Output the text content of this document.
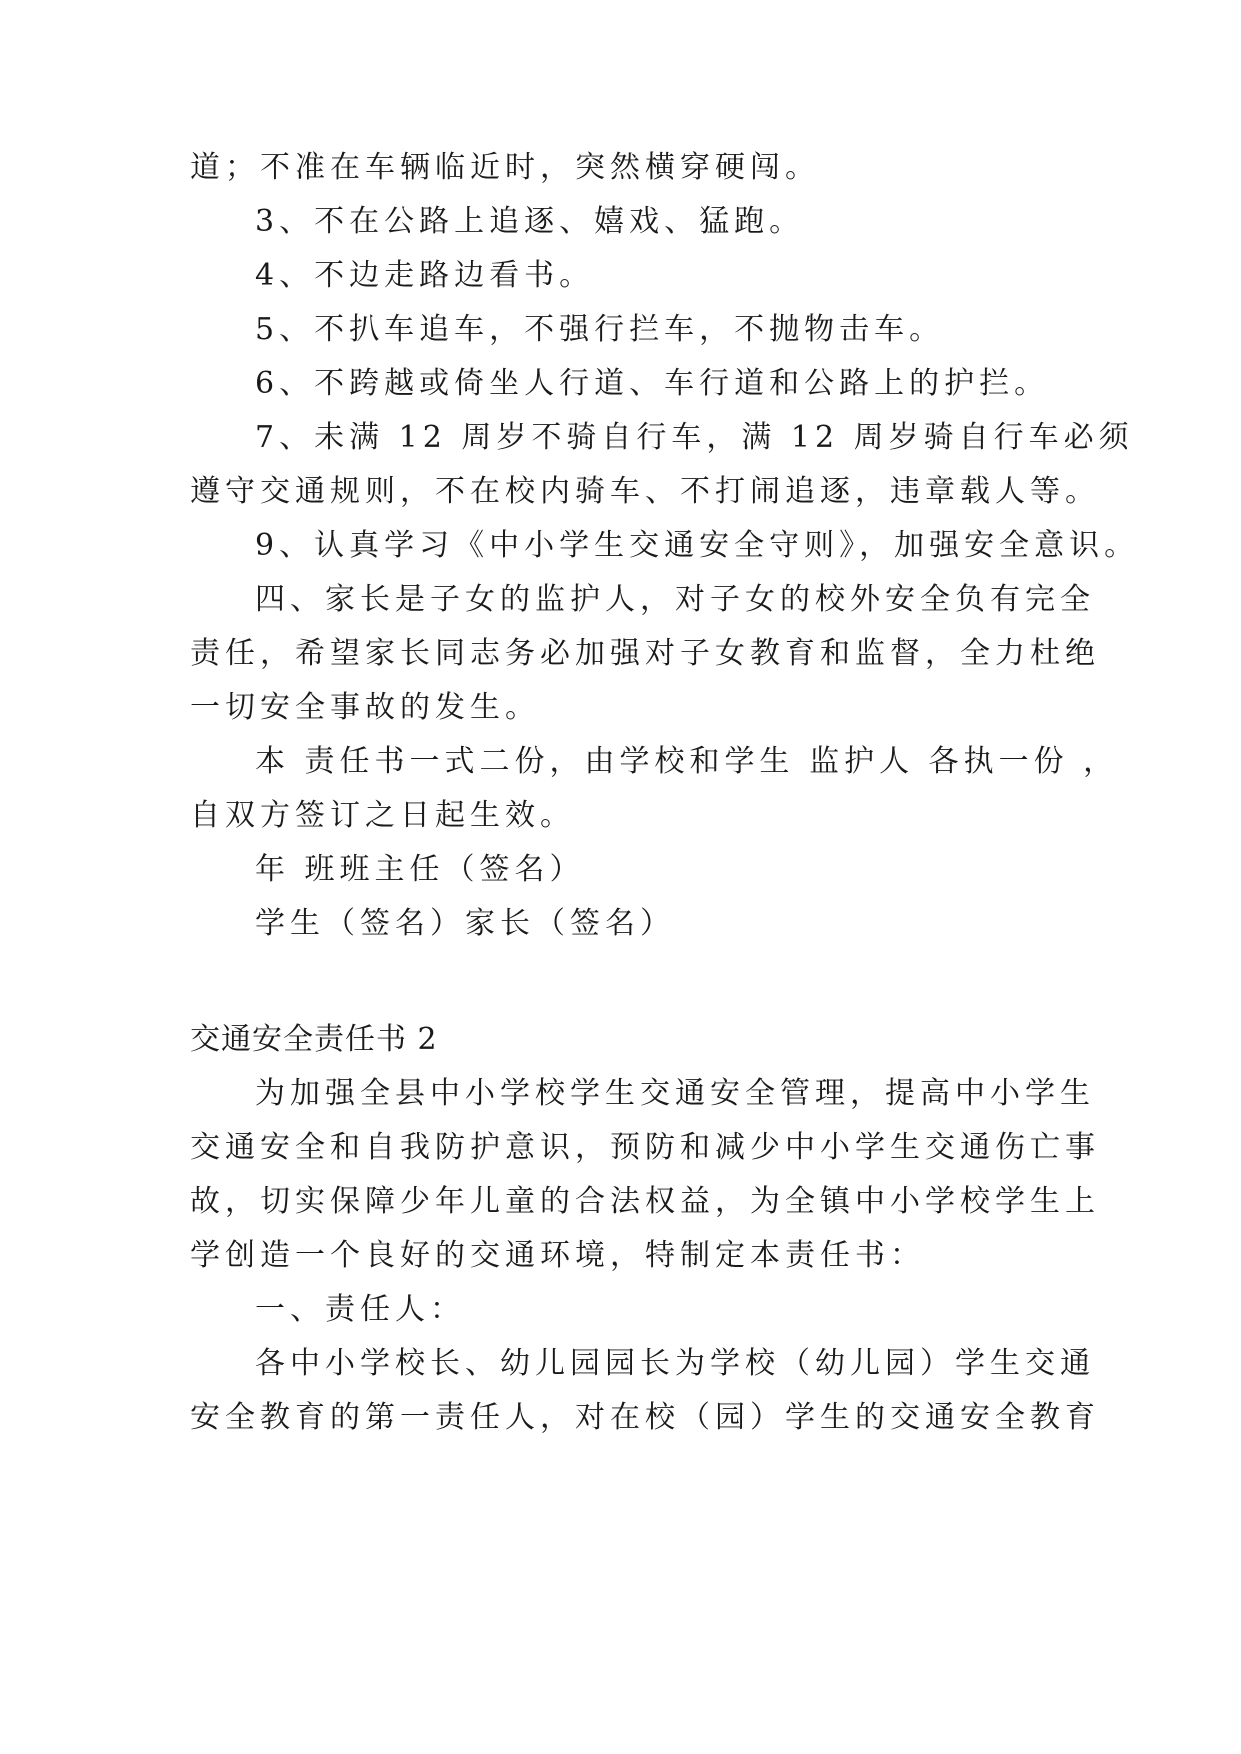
道；不准在车辆临近时，突然横穿硬闯。
3、不在公路上追逐、嬉戏、猛跑。
4、不边走路边看书。
5、不扒车追车，不强行拦车，不抛物击车。
6、不跨越或倚坐人行道、车行道和公路上的护拦。
7、未满 12 周岁不骑自行车，满 12 周岁骑自行车必须
遵守交通规则，不在校内骑车、不打闹追逐，违章载人等。
9、认真学习《中小学生交通安全守则》，加强安全意识。
四、家长是子女的监护人，对子女的校外安全负有完全
责任，希望家长同志务必加强对子女教育和监督，全力杜绝
一切安全事故的发生。
本 责任书一式二份，由学校和学生 监护人 各执一份 ，
自双方签订之日起生效。
年 班班主任（签名）
学生（签名）家长（签名）
交通安全责任书 2
为加强全县中小学校学生交通安全管理，提高中小学生
交通安全和自我防护意识，预防和减少中小学生交通伤亡事
故，切实保障少年儿童的合法权益，为全镇中小学校学生上
学创造一个良好的交通环境，特制定本责任书：
一、责任人：
各中小学校长、幼儿园园长为学校（幼儿园）学生交通
安全教育的第一责任人，对在校（园）学生的交通安全教育
